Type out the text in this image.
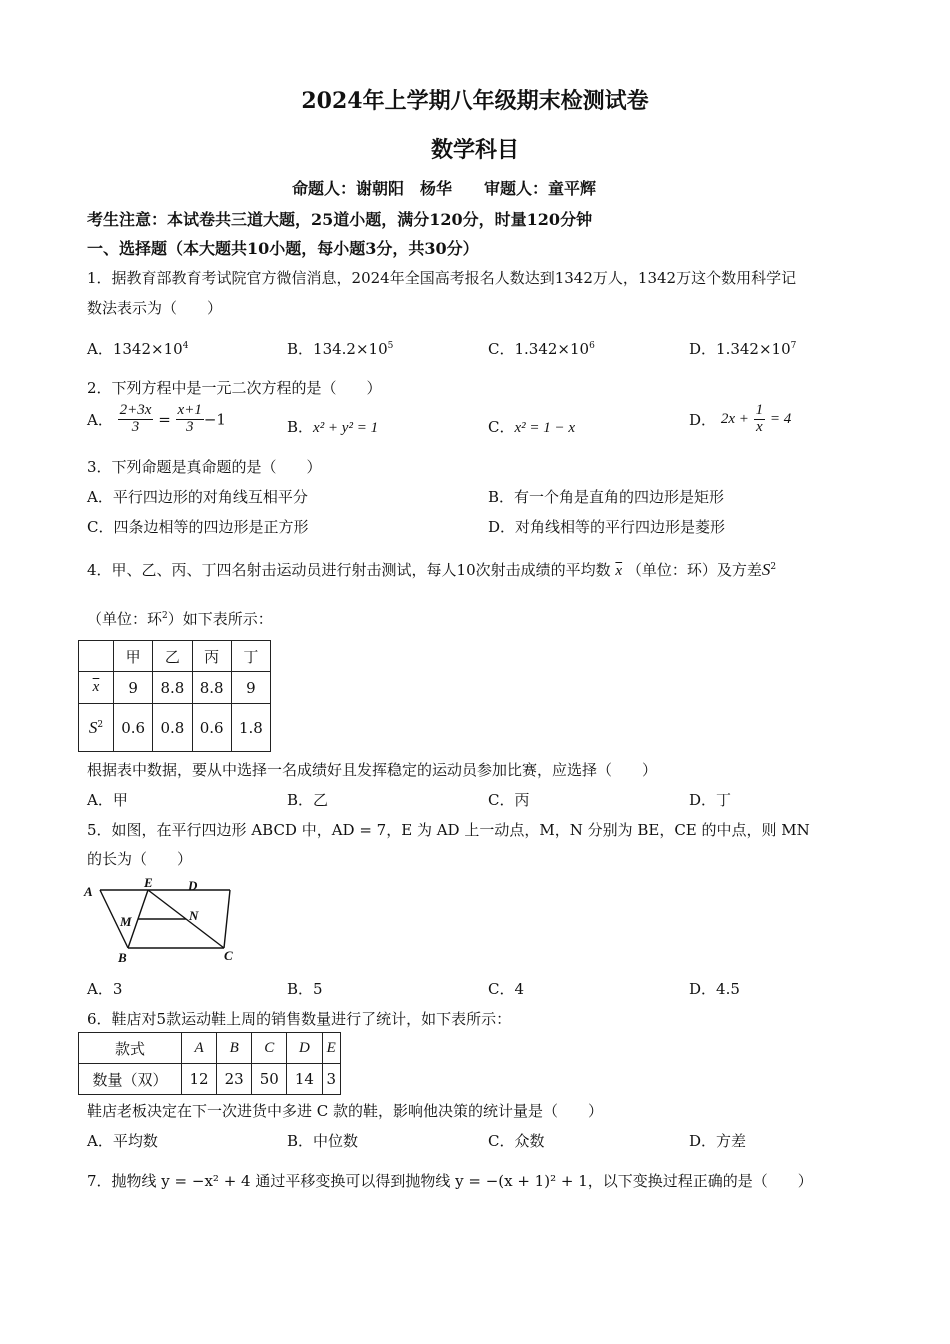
2024年上学期八年级期末检测试卷
数学科目
命题人：谢朝阳　杨华　　审题人：童平辉
考生注意：本试卷共三道大题，25道小题，满分120分，时量120分钟
一、选择题（本大题共10小题，每小题3分，共30分）
1．据教育部教育考试院官方微信消息，2024年全国高考报名人数达到1342万人，1342万这个数用科学记
数法表示为（　　）
A．$1342\times 10^4$	B．$134.2\times 10^5$	C．$1.342\times 10^6$	D．$1.342\times 10^7$
2．下列方程中是一元二次方程的是（　　）
A． $\frac{2+3x}{3} = \frac{x+1}{3} -1$	B．x² + y² = 1	C．x² = 1 − x	D． $2x + \frac{1}{x} = 4$
3．下列命题是真命题的是（　　）
A．平行四边形的对角线互相平分	B．有一个角是直角的四边形是矩形
C．四条边相等的四边形是正方形	D．对角线相等的平行四边形是菱形
4．甲、乙、丙、丁四名射击运动员进行射击测试，每人10次射击成绩的平均数 $\overline{x}$ （单位：环）及方差$S^2$
（单位：环$^2$）如下表所示：
	甲	乙	丙	丁
$\overline{x}$	9	8.8	8.8	9
$S^2$	0.6	0.8	0.6	1.8
根据表中数据，要从中选择一名成绩好且发挥稳定的运动员参加比赛，应选择（　　）
A．甲	B．乙	C．丙	D．丁
5．如图，在平行四边形 ABCD 中，AD = 7，E 为 AD 上一动点，M，N 分别为 BE，CE 的中点，则 MN
的长为（　　）
A
E	D
M	N
B	C
A．3	B．5	C．4	D．4.5
6．鞋店对5款运动鞋上周的销售数量进行了统计，如下表所示：
款式	A	B	C	D	E
数量（双）	12	23	50	14	3
鞋店老板决定在下一次进货中多进 C 款的鞋，影响他决策的统计量是（　　）
A．平均数	B．中位数	C．众数	D．方差
7．抛物线 y = −x² + 4 通过平移变换可以得到抛物线 y = −(x + 1)² + 1，以下变换过程正确的是（　　）
